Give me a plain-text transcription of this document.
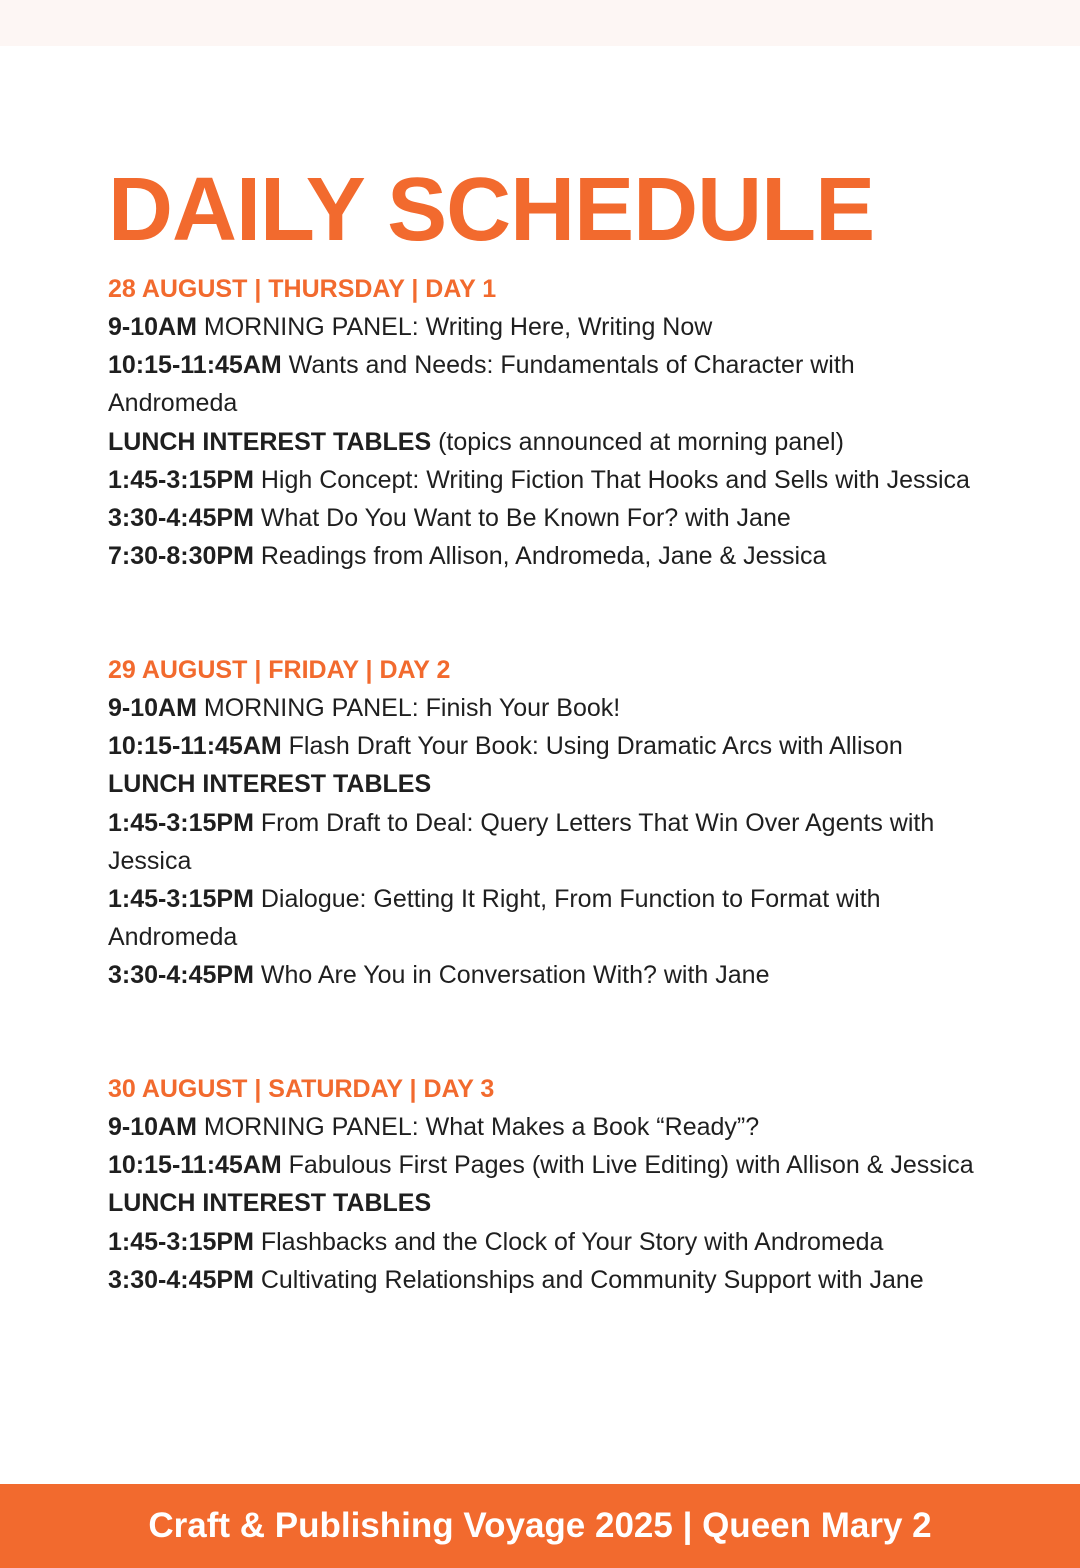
DAILY SCHEDULE
28 AUGUST | THURSDAY | DAY 1
9-10AM MORNING PANEL: Writing Here, Writing Now
10:15-11:45AM Wants and Needs: Fundamentals of Character with Andromeda
LUNCH INTEREST TABLES (topics announced at morning panel)
1:45-3:15PM High Concept: Writing Fiction That Hooks and Sells with Jessica
3:30-4:45PM What Do You Want to Be Known For? with Jane
7:30-8:30PM Readings from Allison, Andromeda, Jane & Jessica
29 AUGUST | FRIDAY | DAY 2
9-10AM MORNING PANEL: Finish Your Book!
10:15-11:45AM Flash Draft Your Book: Using Dramatic Arcs with Allison
LUNCH INTEREST TABLES
1:45-3:15PM From Draft to Deal: Query Letters That Win Over Agents with Jessica
1:45-3:15PM Dialogue: Getting It Right, From Function to Format with Andromeda
3:30-4:45PM Who Are You in Conversation With? with Jane
30 AUGUST | SATURDAY | DAY 3
9-10AM MORNING PANEL: What Makes a Book “Ready”?
10:15-11:45AM Fabulous First Pages (with Live Editing) with Allison & Jessica
LUNCH INTEREST TABLES
1:45-3:15PM Flashbacks and the Clock of Your Story with Andromeda
3:30-4:45PM Cultivating Relationships and Community Support with Jane
Craft & Publishing Voyage 2025 | Queen Mary 2
